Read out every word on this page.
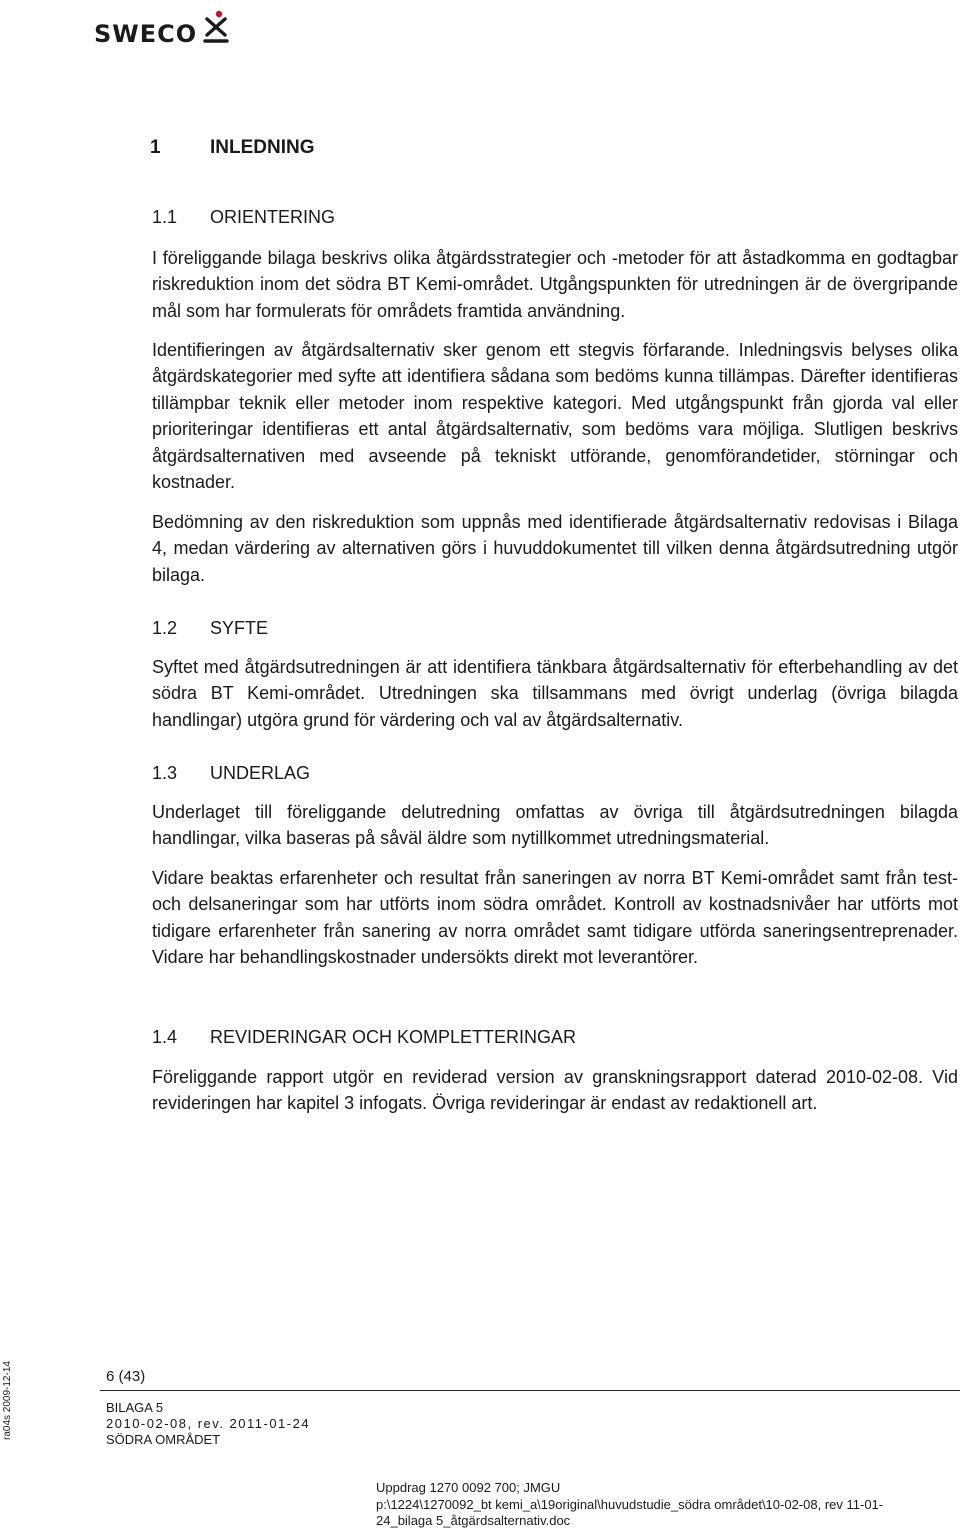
SWECO
ra04s 2009-12-14
1	INLEDNING
1.1 ORIENTERING

I föreliggande bilaga beskrivs olika åtgärdsstrategier och -metoder för att åstadkomma en godtagbar riskreduktion inom det södra BT Kemi-området. Utgångspunkten för utredningen är de övergripande mål som har formulerats för områdets framtida användning.

Identifieringen av åtgärdsalternativ sker genom ett stegvis förfarande. Inledningsvis belyses olika åtgärdskategorier med syfte att identifiera sådana som bedöms kunna tillämpas. Därefter identifieras tillämpbar teknik eller metoder inom respektive kategori. Med utgångspunkt från gjorda val eller prioriteringar identifieras ett antal åtgärdsalternativ, som bedöms vara möjliga. Slutligen beskrivs åtgärdsalternativen med avseende på tekniskt utförande, genomförandetider, störningar och kostnader.

Bedömning av den riskreduktion som uppnås med identifierade åtgärdsalternativ redovisas i Bilaga 4, medan värdering av alternativen görs i huvuddokumentet till vilken denna åtgärdsutredning utgör bilaga.

1.2 SYFTE

Syftet med åtgärdsutredningen är att identifiera tänkbara åtgärdsalternativ för efterbehandling av det södra BT Kemi-området. Utredningen ska tillsammans med övrigt underlag (övriga bilagda handlingar) utgöra grund för värdering och val av åtgärdsalternativ.

1.3 UNDERLAG

Underlaget till föreliggande delutredning omfattas av övriga till åtgärdsutredningen bilagda handlingar, vilka baseras på såväl äldre som nytillkommet utredningsmaterial.

Vidare beaktas erfarenheter och resultat från saneringen av norra BT Kemi-området samt från test- och delsaneringar som har utförts inom södra området. Kontroll av kostnadsnivåer har utförts mot tidigare erfarenheter från sanering av norra området samt tidigare utförda saneringsentreprenader. Vidare har behandlingskostnader undersökts direkt mot leverantörer.

1.4 REVIDERINGAR OCH KOMPLETTERINGAR

Föreliggande rapport utgör en reviderad version av granskningsrapport daterad 2010-02-08. Vid revideringen har kapitel 3 infogats. Övriga revideringar är endast av redaktionell art.

6 (43)
BILAGA 5
2010-02-08, rev. 2011-01-24
SÖDRA OMRÅDET
Uppdrag 1270 0092 700; JMGU
p:\1224\1270092_bt kemi_a\19original\huvudstudie_södra området\10-02-08, rev 11-01-
24_bilaga 5_åtgärdsalternativ.doc
